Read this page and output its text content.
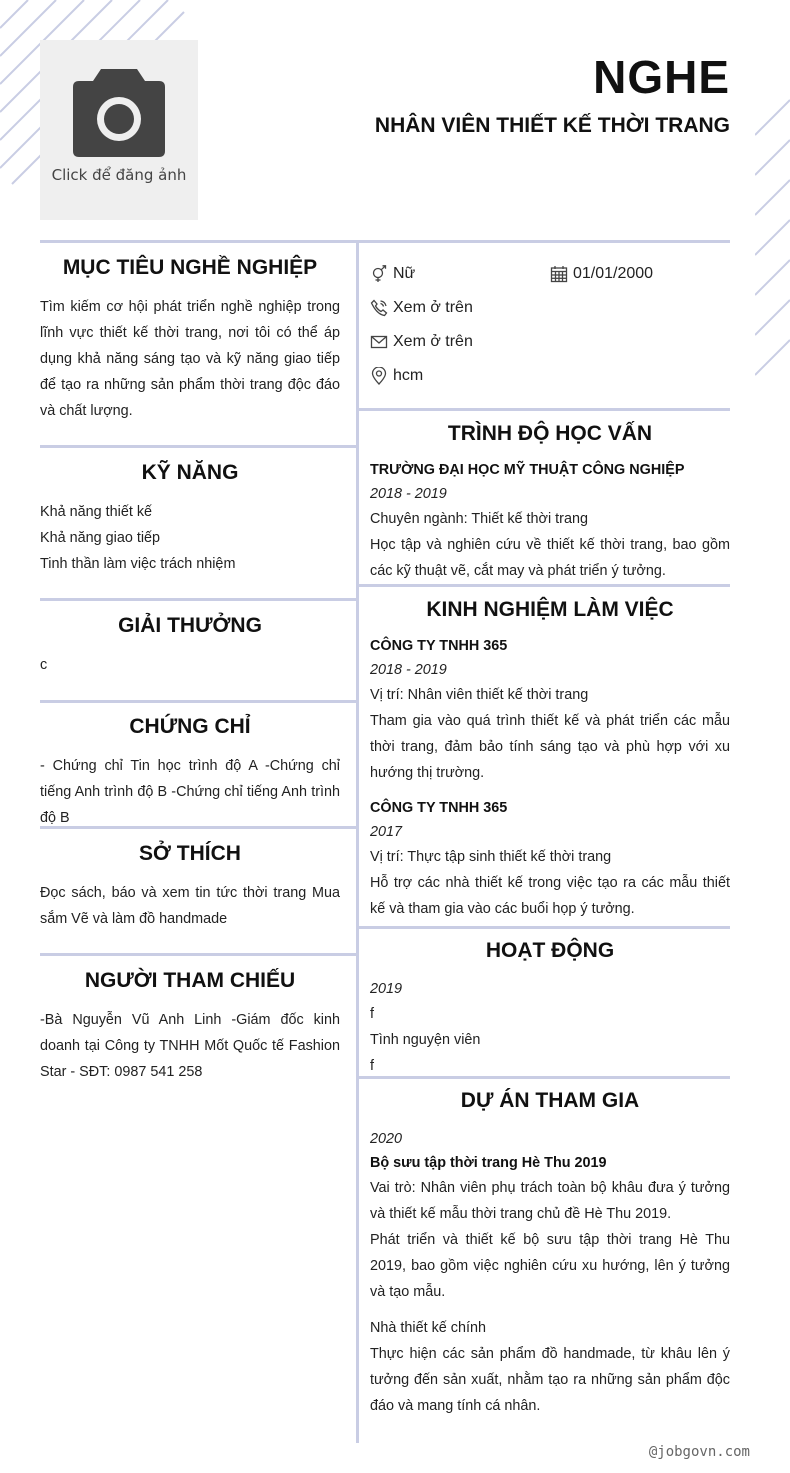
Click để đăng ảnh
NGHE
NHÂN VIÊN THIẾT KẾ THỜI TRANG
MỤC TIÊU NGHỀ NGHIỆP
Tìm kiếm cơ hội phát triển nghề nghiệp trong lĩnh vực thiết kế thời trang, nơi tôi có thể áp dụng khả năng sáng tạo và kỹ năng giao tiếp để tạo ra những sản phẩm thời trang độc đáo và chất lượng.
KỸ NĂNG
Khả năng thiết kế
Khả năng giao tiếp
Tinh thần làm việc trách nhiệm
GIẢI THƯỞNG
c
CHỨNG CHỈ
- Chứng chỉ Tin học trình độ A -Chứng chỉ tiếng Anh trình độ B -Chứng chỉ tiếng Anh trình độ B
SỞ THÍCH
Đọc sách, báo và xem tin tức thời trang Mua sắm Vẽ và làm đồ handmade
NGƯỜI THAM CHIẾU
-Bà Nguyễn Vũ Anh Linh -Giám đốc kinh doanh tại Công ty TNHH Mốt Quốc tế Fashion Star - SĐT: 0987 541 258
Nữ	01/01/2000
Xem ở trên
Xem ở trên
hcm
TRÌNH ĐỘ HỌC VẤN
TRƯỜNG ĐẠI HỌC MỸ THUẬT CÔNG NGHIỆP
2018 - 2019
Chuyên ngành: Thiết kế thời trang
Học tập và nghiên cứu về thiết kế thời trang, bao gồm các kỹ thuật vẽ, cắt may và phát triển ý tưởng.
KINH NGHIỆM LÀM VIỆC
CÔNG TY TNHH 365
2018 - 2019
Vị trí: Nhân viên thiết kế thời trang
Tham gia vào quá trình thiết kế và phát triển các mẫu thời trang, đảm bảo tính sáng tạo và phù hợp với xu hướng thị trường.
CÔNG TY TNHH 365
2017
Vị trí: Thực tập sinh thiết kế thời trang
Hỗ trợ các nhà thiết kế trong việc tạo ra các mẫu thiết kế và tham gia vào các buổi họp ý tưởng.
HOẠT ĐỘNG
2019
f
Tình nguyện viên
f
DỰ ÁN THAM GIA
2020
Bộ sưu tập thời trang Hè Thu 2019
Vai trò: Nhân viên phụ trách toàn bộ khâu đưa ý tưởng và thiết kế mẫu thời trang chủ đề Hè Thu 2019.
Phát triển và thiết kế bộ sưu tập thời trang Hè Thu 2019, bao gồm việc nghiên cứu xu hướng, lên ý tưởng và tạo mẫu.
Nhà thiết kế chính
Thực hiện các sản phẩm đồ handmade, từ khâu lên ý tưởng đến sản xuất, nhằm tạo ra những sản phẩm độc đáo và mang tính cá nhân.
@jobgovn.com
